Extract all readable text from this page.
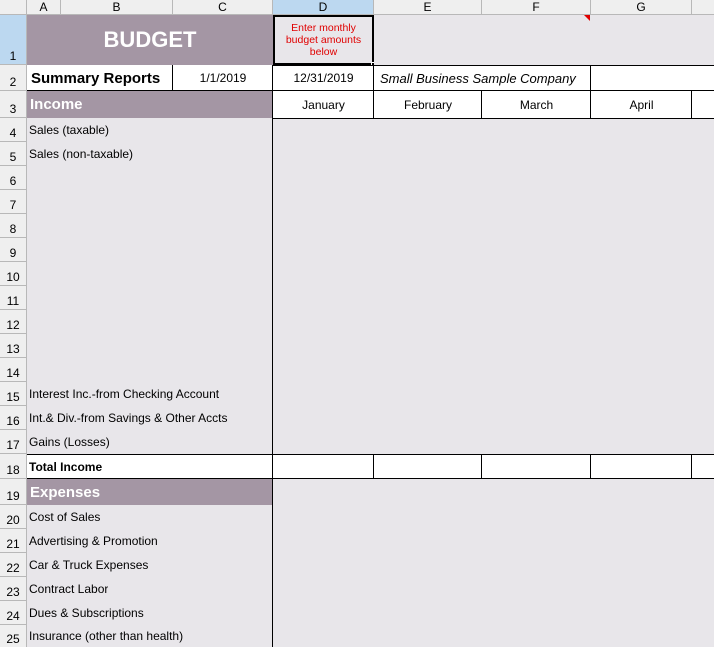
A	B	C	D	E	F	G
1
2
3
4
5
6
7
8
9
10
11
12
13
14
15
16
17
18
19
20
21
22
23
24
25
BUDGET	Enter monthly budget amounts below
Summary Reports	1/1/2019	12/31/2019	Small Business Sample Company
Income	January	February	March	April
Sales (taxable)
Sales (non-taxable)
Interest Inc.-from Checking Account
Int.& Div.-from Savings & Other Accts
Gains (Losses)
Total Income
Expenses
Cost of Sales
Advertising & Promotion
Car & Truck Expenses
Contract Labor
Dues & Subscriptions
Insurance (other than health)
